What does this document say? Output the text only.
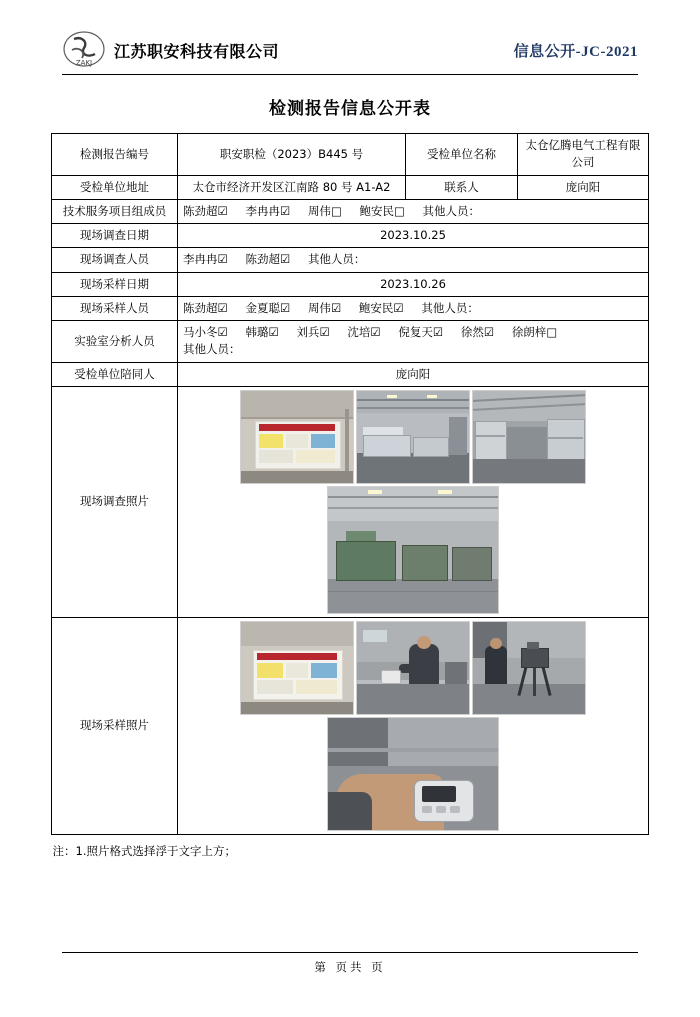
ZAKJ
江苏职安科技有限公司	信息公开-JC-2021
检测报告信息公开表
检测报告编号	职安职检（2023）B445 号	受检单位名称	太仓亿腾电气工程有限公司
受检单位地址	太仓市经济开发区江南路 80 号 A1-A2	联系人	庞向阳
技术服务项目组成员	陈劲超☑ 李冉冉☑ 周伟□ 鲍安民□ 其他人员：		
现场调查日期	2023.10.25		
现场调查人员	李冉冉☑ 陈劲超☑ 其他人员：		
现场采样日期	2023.10.26		
现场采样人员	陈劲超☑ 金夏聪☑ 周伟☑ 鲍安民☑ 其他人员：		
实验室分析人员	马小冬☑ 韩璐☑ 刘兵☑ 沈培☑ 倪复天☑ 徐然☑ 徐朗梓□
其他人员：		

受检单位陪同人	庞向阳		
现场调查照片			

现场采样照片			
注：1.照片格式选择浮于文字上方；
第 页共 页
